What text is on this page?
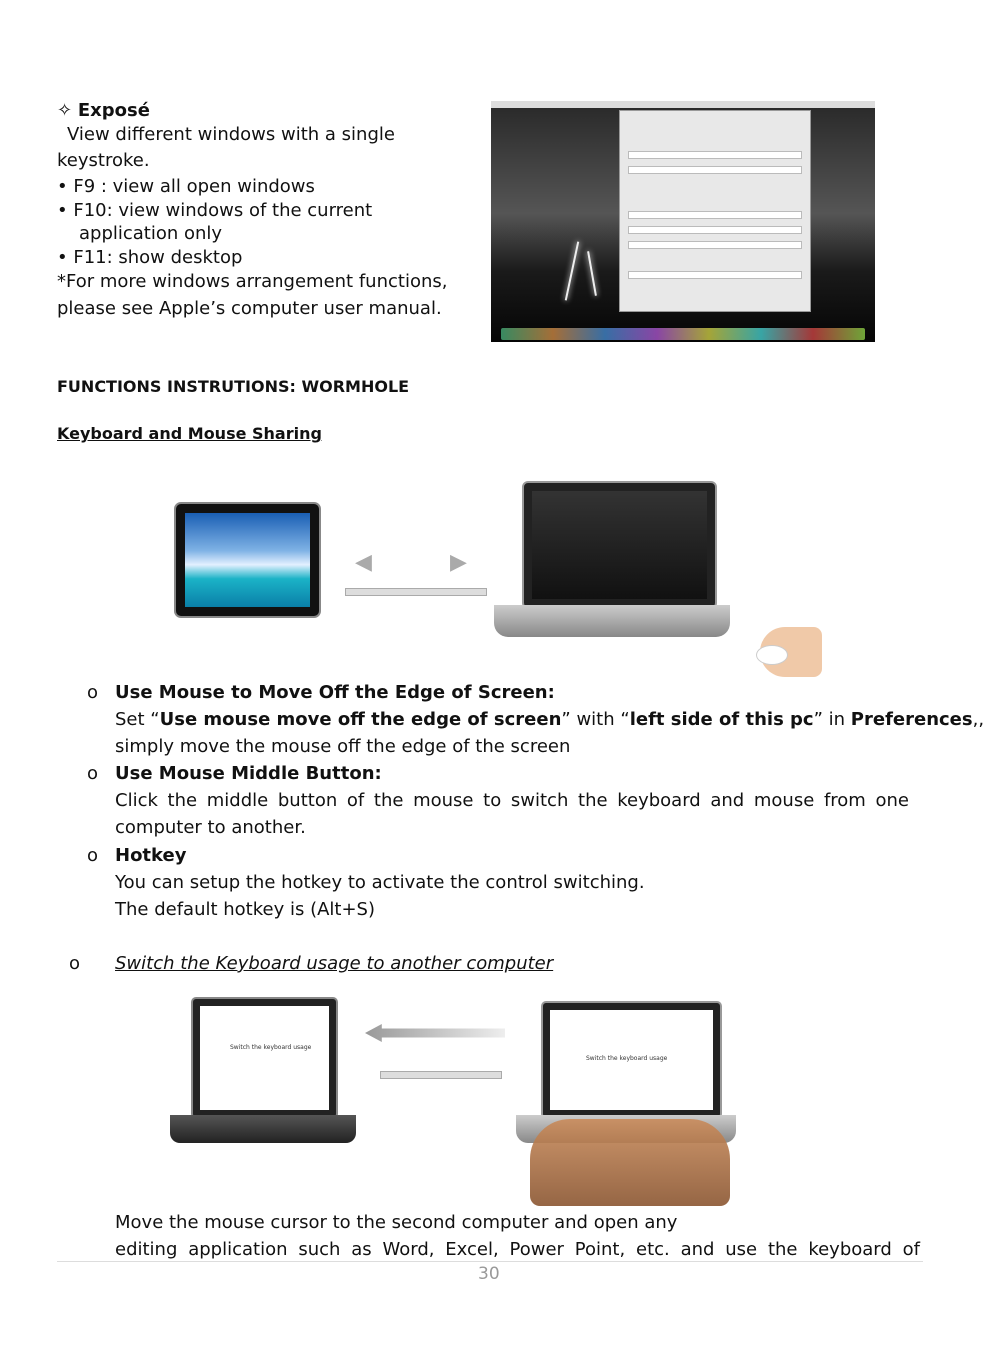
✧ Exposé
View different windows with a single
keystroke.
• F9 : view all open windows
• F10: view windows of the current
application only
• F11: show desktop
*For more windows arrangement functions,
please see Apple’s computer user manual.
FUNCTIONS INSTRUTIONS: WORMHOLE
Keyboard and Mouse Sharing
◀	▶
o Use Mouse to Move Off the Edge of Screen:
Set “Use mouse move off the edge of screen” with “left side of this pc” in Preferences,,
simply move the mouse off the edge of the screen
o Use Mouse Middle Button:
Click the middle button of the mouse to switch the keyboard and mouse from one
computer to another.
o Hotkey
You can setup the hotkey to activate the control switching.
The default hotkey is (Alt+S)
o Switch the Keyboard usage to another computer
Switch the keyboard usage
Switch the keyboard usage
Move the mouse cursor to the second computer and open any
editing application such as Word, Excel, Power Point, etc. and use the keyboard of
30
